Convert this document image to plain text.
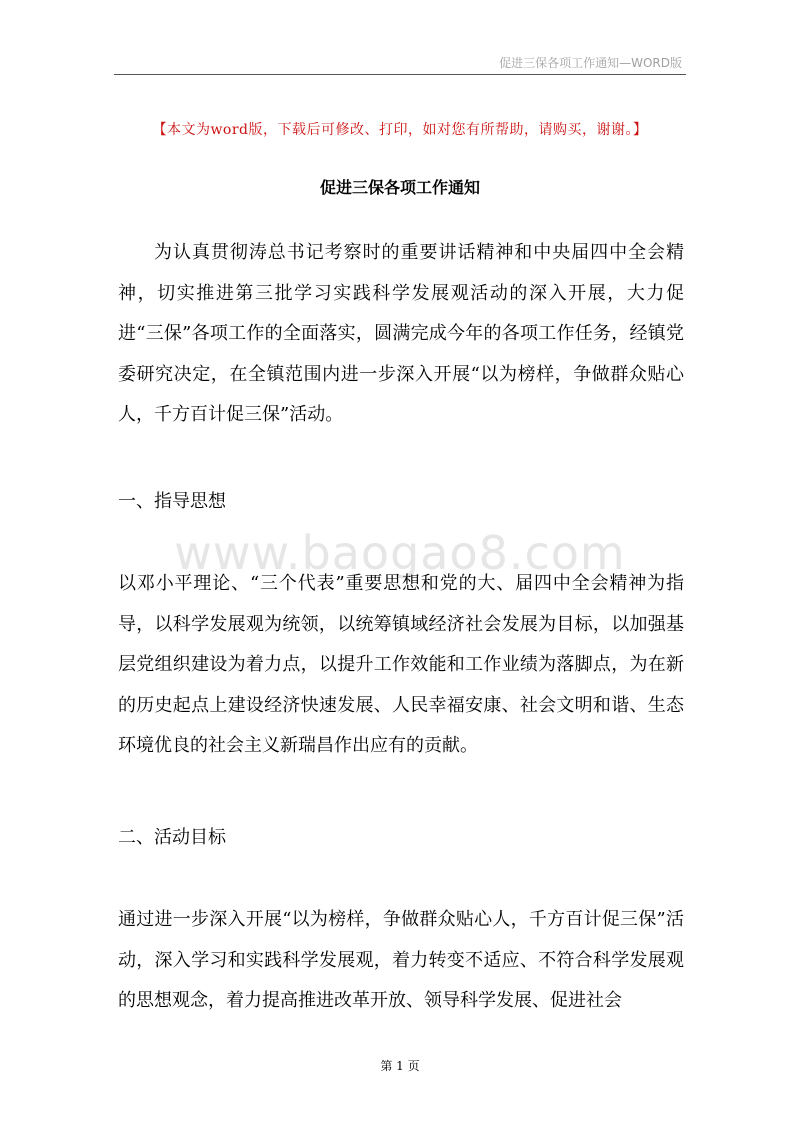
促进三保各项工作通知—WORD版
【本文为word版，下载后可修改、打印，如对您有所帮助，请购买，谢谢。】
促进三保各项工作通知

为认真贯彻涛总书记考察时的重要讲话精神和中央届四中全会精神，切实推进第三批学习实践科学发展观活动的深入开展，大力促进“三保”各项工作的全面落实，圆满完成今年的各项工作任务，经镇党委研究决定，在全镇范围内进一步深入开展“以为榜样，争做群众贴心人，千方百计促三保”活动。

一、指导思想

www.baogao8.com

以邓小平理论、“三个代表”重要思想和党的大、届四中全会精神为指导，以科学发展观为统领，以统筹镇域经济社会发展为目标，以加强基层党组织建设为着力点，以提升工作效能和工作业绩为落脚点，为在新的历史起点上建设经济快速发展、人民幸福安康、社会文明和谐、生态环境优良的社会主义新瑞昌作出应有的贡献。

二、活动目标

通过进一步深入开展“以为榜样，争做群众贴心人，千方百计促三保”活动，深入学习和实践科学发展观，着力转变不适应、不符合科学发展观的思想观念，着力提高推进改革开放、领导科学发展、促进社会

第 1 页
